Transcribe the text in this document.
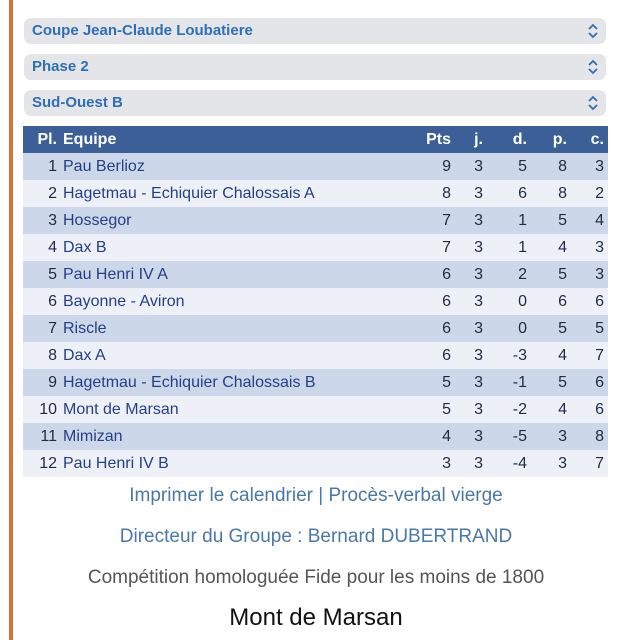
Coupe Jean-Claude Loubatiere
Phase 2
Sud-Ouest B
Pl.	Equipe	Pts	j.	d.	p.	c.
1	Pau Berlioz	9	3	5	8	3
2	Hagetmau - Echiquier Chalossais A	8	3	6	8	2
3	Hossegor	7	3	1	5	4
4	Dax B	7	3	1	4	3
5	Pau Henri IV A	6	3	2	5	3
6	Bayonne - Aviron	6	3	0	6	6
7	Riscle	6	3	0	5	5
8	Dax A	6	3	-3	4	7
9	Hagetmau - Echiquier Chalossais B	5	3	-1	5	6
10	Mont de Marsan	5	3	-2	4	6
11	Mimizan	4	3	-5	3	8
12	Pau Henri IV B	3	3	-4	3	7
Imprimer le calendrier | Procès-verbal vierge
Directeur du Groupe : Bernard DUBERTRAND
Compétition homologuée Fide pour les moins de 1800
Mont de Marsan
